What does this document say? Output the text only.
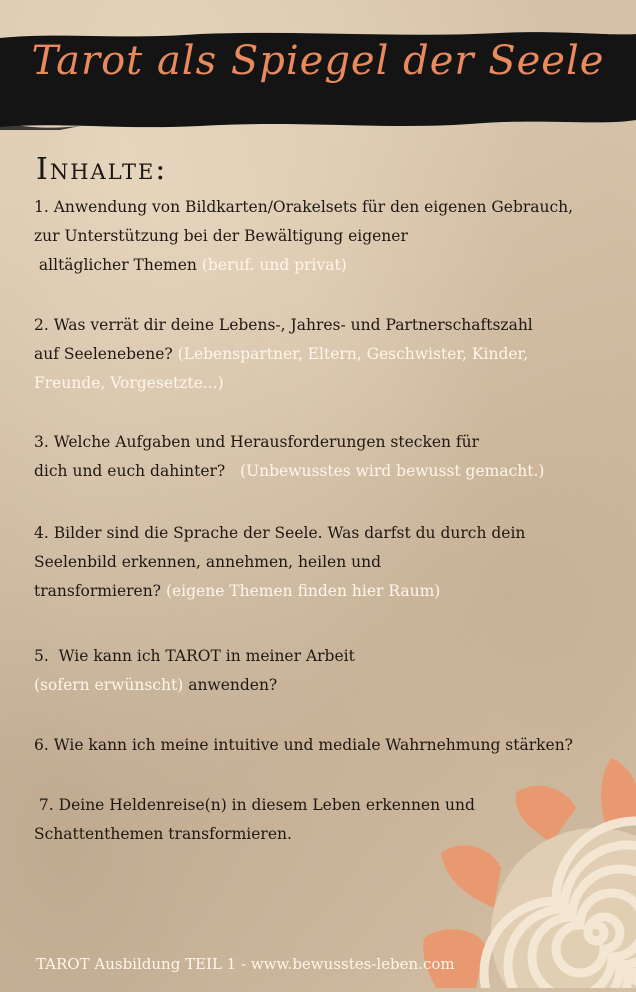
Tarot als Spiegel der Seele
Inhalte:
1. Anwendung von Bildkarten/Orakelsets für den eigenen Gebrauch,
zur Unterstützung bei der Bewältigung eigener
alltäglicher Themen (beruf. und privat)
2. Was verrät dir deine Lebens-, Jahres- und Partnerschaftszahl
auf Seelenebene? (Lebenspartner, Eltern, Geschwister, Kinder,
Freunde, Vorgesetzte...)
3. Welche Aufgaben und Herausforderungen stecken für
dich und euch dahinter?   (Unbewusstes wird bewusst gemacht.)
4. Bilder sind die Sprache der Seele. Was darfst du durch dein
Seelenbild erkennen, annehmen, heilen und
transformieren? (eigene Themen finden hier Raum)
5.  Wie kann ich TAROT in meiner Arbeit
(sofern erwünscht) anwenden?
6. Wie kann ich meine intuitive und mediale Wahrnehmung stärken?
7. Deine Heldenreise(n) in diesem Leben erkennen und
Schattenthemen transformieren.
TAROT Ausbildung TEIL 1 - www.bewusstes-leben.com
